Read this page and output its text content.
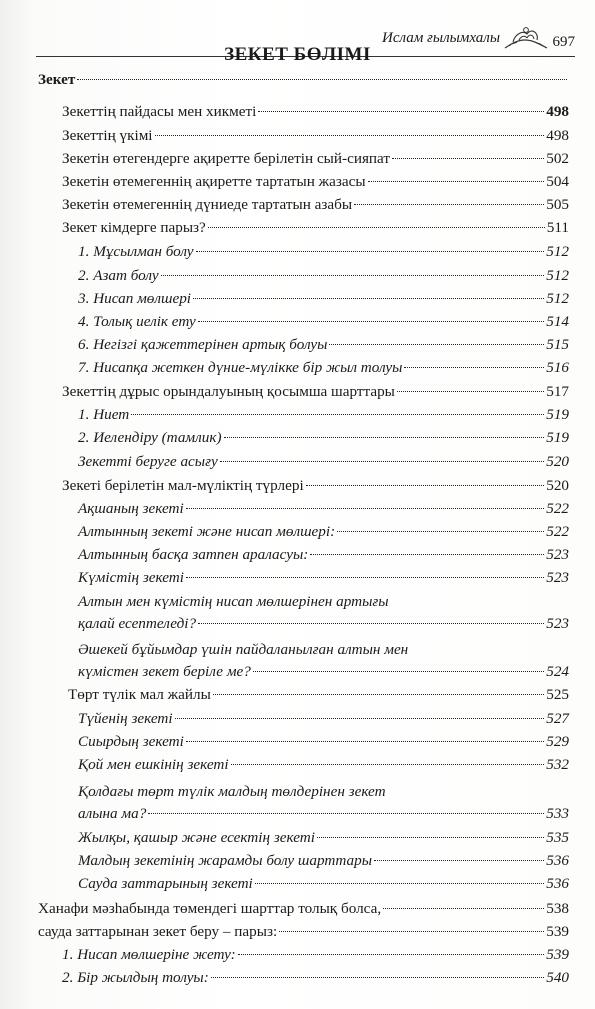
Ислам ғылымхалы	697
ЗЕКЕТ БӨЛІМІ
Зекет
Зекеттің пайдасы мен хикметі	498
Зекеттің үкімі	498
Зекетін өтегендерге ақиретте берілетін сый-сияпат	502
Зекетін өтемегеннің ақиретте тартатын жазасы	504
Зекетін өтемегеннің дүниеде тартатын азабы	505
Зекет кімдерге парыз?	511
1. Мұсылман болу	512
2. Азат болу	512
3. Нисап мөлшері	512
4. Толық иелік ету	514
6. Негізгі қажеттерінен артық болуы	515
7. Нисапқа жеткен дүние-мүлікке бір жыл толуы	516
Зекеттің дұрыс орындалуының қосымша шарттары	517
1. Ниет	519
2. Иелендіру (тамлик)	519
Зекетті беруге асығу	520
Зекеті берілетін мал-мүліктің түрлері	520
Ақшаның зекеті	522
Алтынның зекеті және нисап мөлшері:	522
Алтынның басқа затпен араласуы:	523
Күмістің зекеті	523
Алтын мен күмістің нисап мөлшерінен артығы
қалай есептеледі?	523
Әшекей бұйымдар үшін пайдаланылған алтын мен
күмістен зекет беріле ме?	524
Төрт түлік мал жайлы	525
Түйенің зекеті	527
Сиырдың зекеті	529
Қой мен ешкінің зекеті	532
Қолдағы төрт түлік малдың төлдерінен зекет
алына ма?	533
Жылқы, қашыр және есектің зекеті	535
Малдың зекетінің жарамды болу шарттары	536
Сауда заттарының зекеті	536
Ханафи мәзһабында төмендегі шарттар толық болса,	538
сауда заттарынан зекет беру – парыз:	539
1. Нисап мөлшеріне жету:	539
2. Бір жылдың толуы:	540
